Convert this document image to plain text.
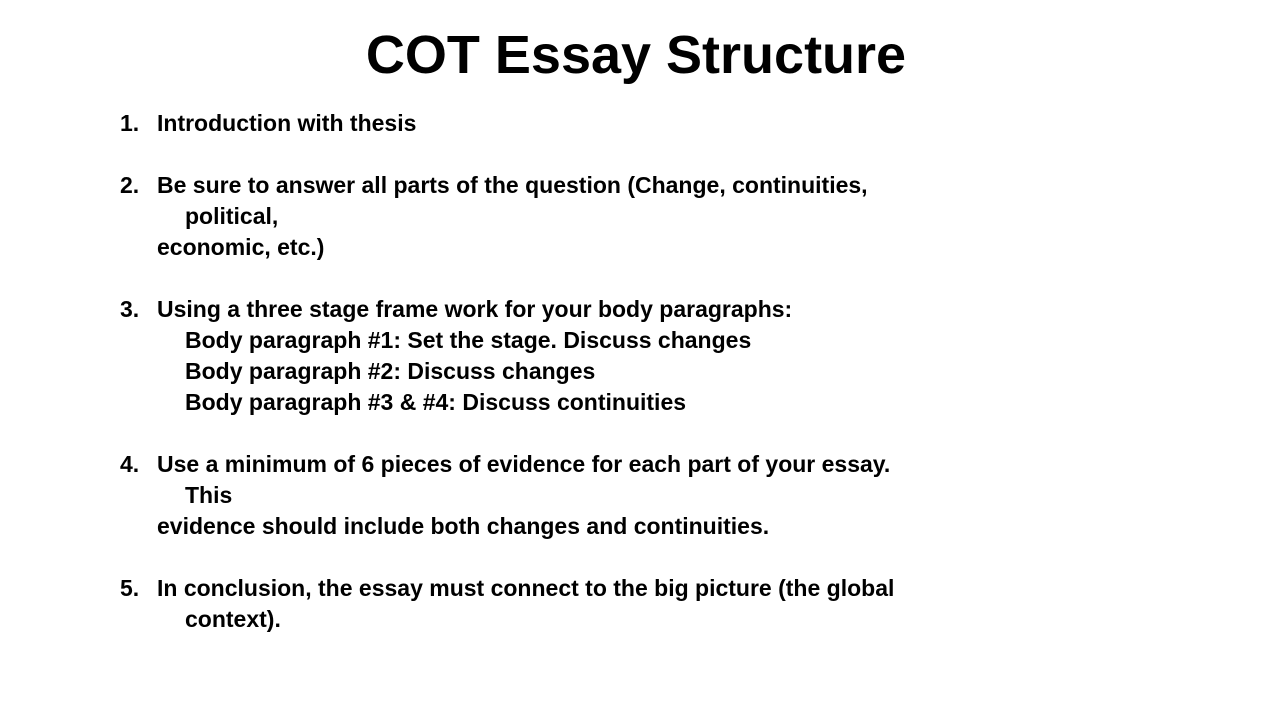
COT Essay Structure
1. Introduction with thesis
2. Be sure to answer all parts of the question (Change, continuities,
political,
economic, etc.)
3. Using a three stage frame work for your body paragraphs:
Body paragraph #1: Set the stage. Discuss changes
Body paragraph #2: Discuss changes
Body paragraph #3 & #4: Discuss continuities
4. Use a minimum of 6 pieces of evidence for each part of your essay.
This
evidence should include both changes and continuities.
5. In conclusion, the essay must connect to the big picture (the global
context).
